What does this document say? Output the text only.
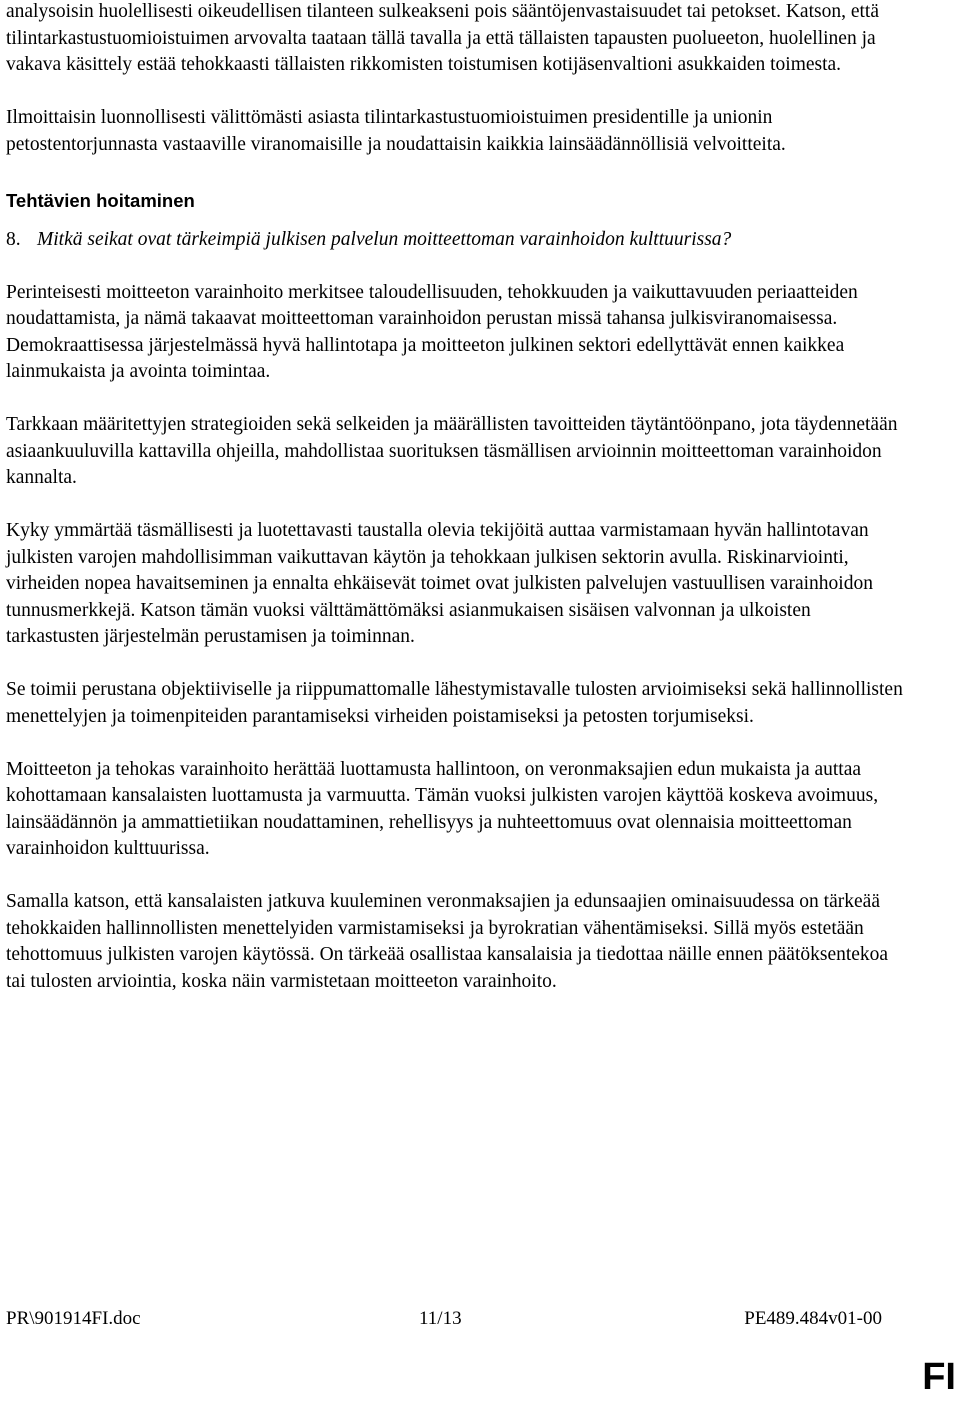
analysoisin huolellisesti oikeudellisen tilanteen sulkeakseni pois sääntöjenvastaisuudet tai petokset. Katson, että tilintarkastustuomioistuimen arvovalta taataan tällä tavalla ja että tällaisten tapausten puolueeton, huolellinen ja vakava käsittely estää tehokkaasti tällaisten rikkomisten toistumisen kotijäsenvaltioni asukkaiden toimesta.

Ilmoittaisin luonnollisesti välittömästi asiasta tilintarkastustuomioistuimen presidentille ja unionin petostentorjunnasta vastaaville viranomaisille ja noudattaisin kaikkia lainsäädännöllisiä velvoitteita.

Tehtävien hoitaminen

8. Mitkä seikat ovat tärkeimpiä julkisen palvelun moitteettoman varainhoidon kulttuurissa?

Perinteisesti moitteeton varainhoito merkitsee taloudellisuuden, tehokkuuden ja vaikuttavuuden periaatteiden noudattamista, ja nämä takaavat moitteettoman varainhoidon perustan missä tahansa julkisviranomaisessa. Demokraattisessa järjestelmässä hyvä hallintotapa ja moitteeton julkinen sektori edellyttävät ennen kaikkea lainmukaista ja avointa toimintaa.

Tarkkaan määritettyjen strategioiden sekä selkeiden ja määrällisten tavoitteiden täytäntöönpano, jota täydennetään asiaankuuluvilla kattavilla ohjeilla, mahdollistaa suorituksen täsmällisen arvioinnin moitteettoman varainhoidon kannalta.

Kyky ymmärtää täsmällisesti ja luotettavasti taustalla olevia tekijöitä auttaa varmistamaan hyvän hallintotavan julkisten varojen mahdollisimman vaikuttavan käytön ja tehokkaan julkisen sektorin avulla. Riskinarviointi, virheiden nopea havaitseminen ja ennalta ehkäisevät toimet ovat julkisten palvelujen vastuullisen varainhoidon tunnusmerkkejä. Katson tämän vuoksi välttämättömäksi asianmukaisen sisäisen valvonnan ja ulkoisten tarkastusten järjestelmän perustamisen ja toiminnan.

Se toimii perustana objektiiviselle ja riippumattomalle lähestymistavalle tulosten arvioimiseksi sekä hallinnollisten menettelyjen ja toimenpiteiden parantamiseksi virheiden poistamiseksi ja petosten torjumiseksi.

Moitteeton ja tehokas varainhoito herättää luottamusta hallintoon, on veronmaksajien edun mukaista ja auttaa kohottamaan kansalaisten luottamusta ja varmuutta. Tämän vuoksi julkisten varojen käyttöä koskeva avoimuus, lainsäädännön ja ammattietiikan noudattaminen, rehellisyys ja nuhteettomuus ovat olennaisia moitteettoman varainhoidon kulttuurissa.

Samalla katson, että kansalaisten jatkuva kuuleminen veronmaksajien ja edunsaajien ominaisuudessa on tärkeää tehokkaiden hallinnollisten menettelyiden varmistamiseksi ja byrokratian vähentämiseksi. Sillä myös estetään tehottomuus julkisten varojen käytössä. On tärkeää osallistaa kansalaisia ja tiedottaa näille ennen päätöksentekoa tai tulosten arviointia, koska näin varmistetaan moitteeton varainhoito.

PR\901914FI.doc	11/13	PE489.484v01-00
FI
